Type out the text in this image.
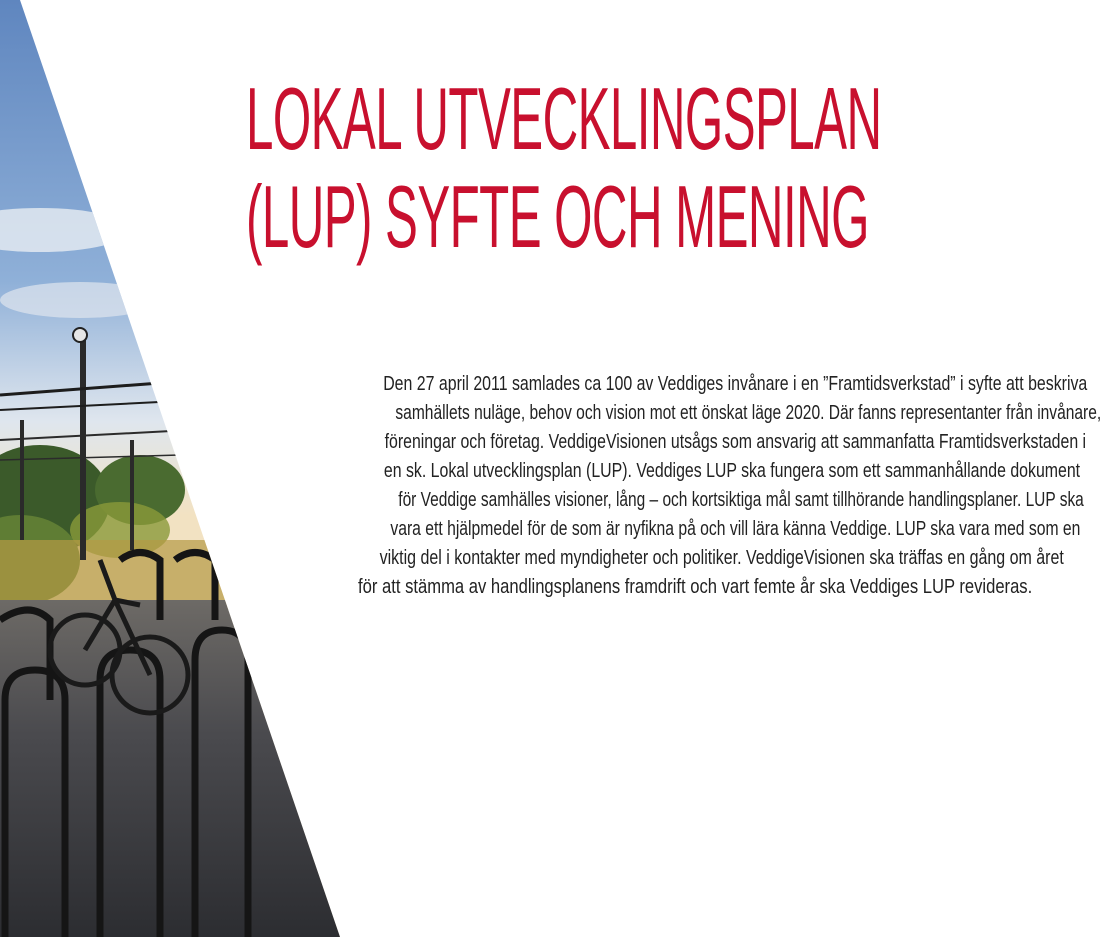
LOKAL UTVECKLINGSPLAN
(LUP) SYFTE OCH MENING

Den 27 april 2011 samlades ca 100 av Veddiges invånare i en ”Framtidsverkstad” i syfte att beskriva
samhällets nuläge, behov och vision mot ett önskat läge 2020. Där fanns representanter från invånare,
föreningar och företag. VeddigeVisionen utsågs som ansvarig att sammanfatta Framtidsverkstaden i
en sk. Lokal utvecklingsplan (LUP). Veddiges LUP ska fungera som ett sammanhållande dokument
för Veddige samhälles visioner, lång – och kortsiktiga mål samt tillhörande handlingsplaner. LUP ska
vara ett hjälpmedel för de som är nyfikna på och vill lära känna Veddige. LUP ska vara med som en
viktig del i kontakter med myndigheter och politiker. VeddigeVisionen ska träffas en gång om året
för att stämma av handlingsplanens framdrift och vart femte år ska Veddiges LUP revideras.
